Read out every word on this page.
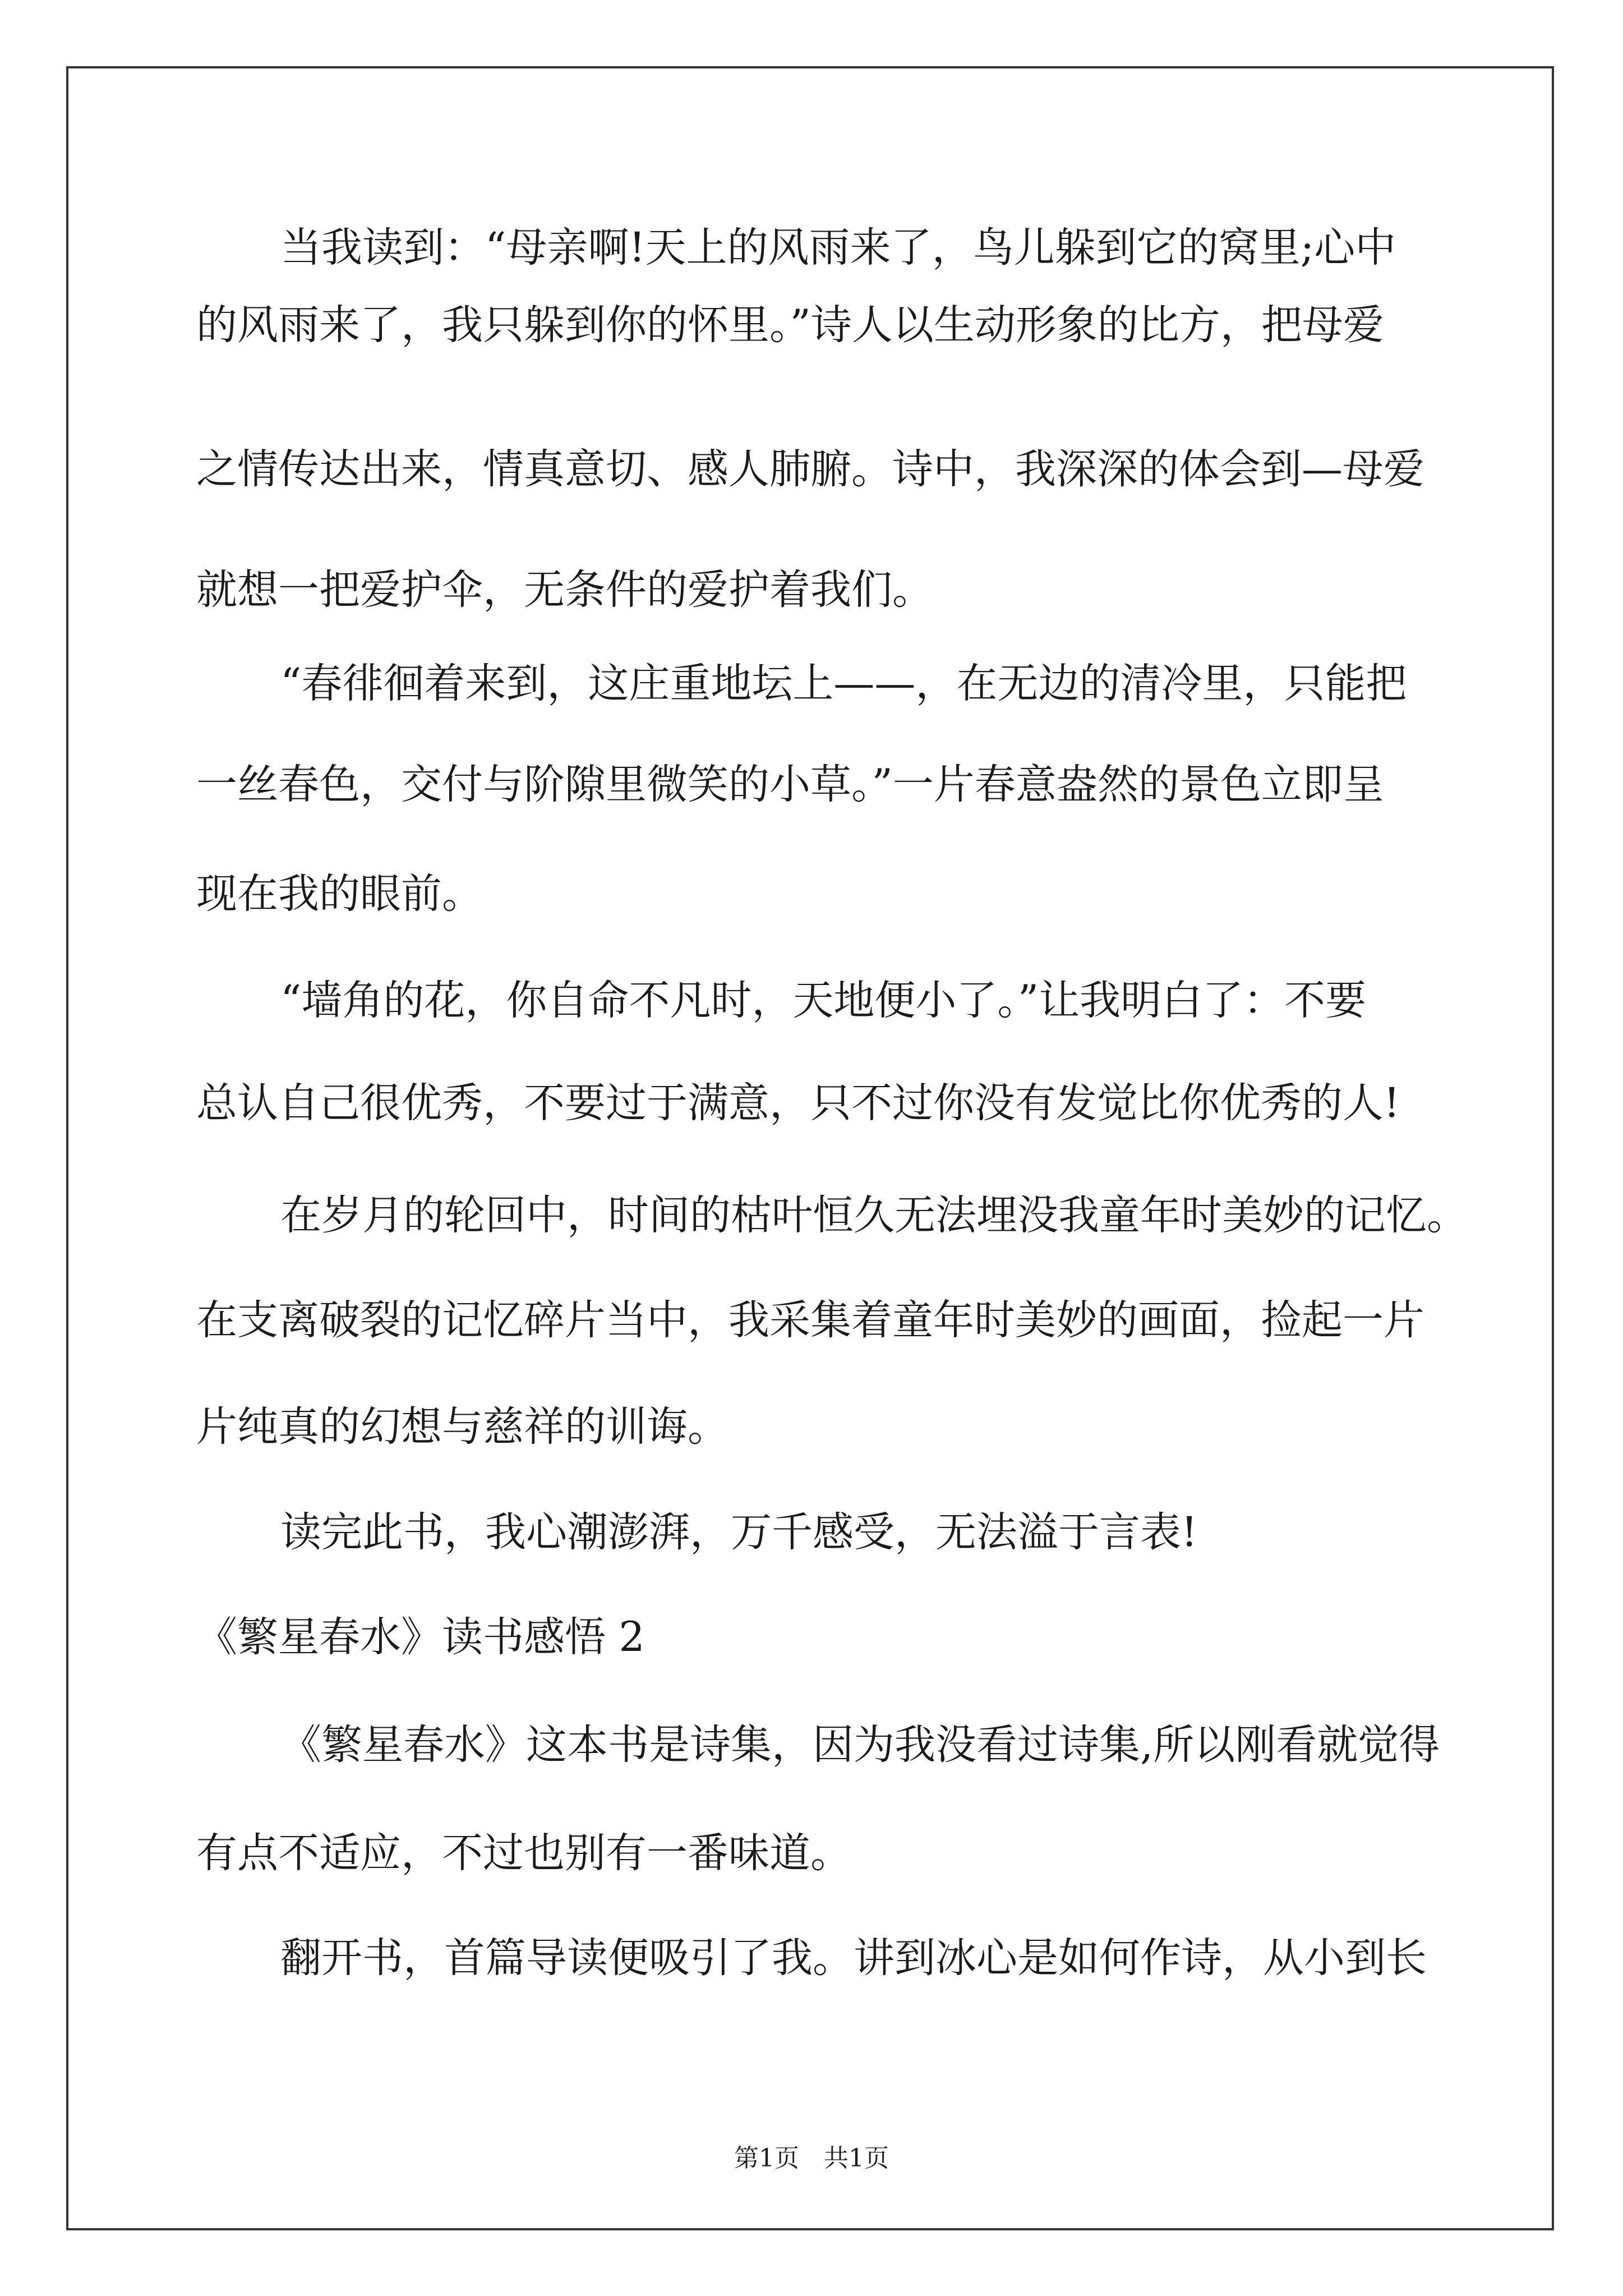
当我读到：“母亲啊!天上的风雨来了，鸟儿躲到它的窝里;心中
的风雨来了，我只躲到你的怀里。”诗人以生动形象的比方，把母爱
之情传达出来，情真意切、感人肺腑。诗中，我深深的体会到—母爱
就想一把爱护伞，无条件的爱护着我们。
“春徘徊着来到，这庄重地坛上——，在无边的清冷里，只能把
一丝春色，交付与阶隙里微笑的小草。”一片春意盎然的景色立即呈
现在我的眼前。
“墙角的花，你自命不凡时，天地便小了。”让我明白了：不要
总认自己很优秀，不要过于满意，只不过你没有发觉比你优秀的人!
在岁月的轮回中，时间的枯叶恒久无法埋没我童年时美妙的记忆。
在支离破裂的记忆碎片当中，我采集着童年时美妙的画面，捡起一片
片纯真的幻想与慈祥的训诲。
读完此书，我心潮澎湃，万千感受，无法溢于言表!
《繁星春水》读书感悟 2
《繁星春水》这本书是诗集，因为我没看过诗集,所以刚看就觉得
有点不适应，不过也别有一番味道。
翻开书，首篇导读便吸引了我。讲到冰心是如何作诗，从小到长
第1页　共1页
